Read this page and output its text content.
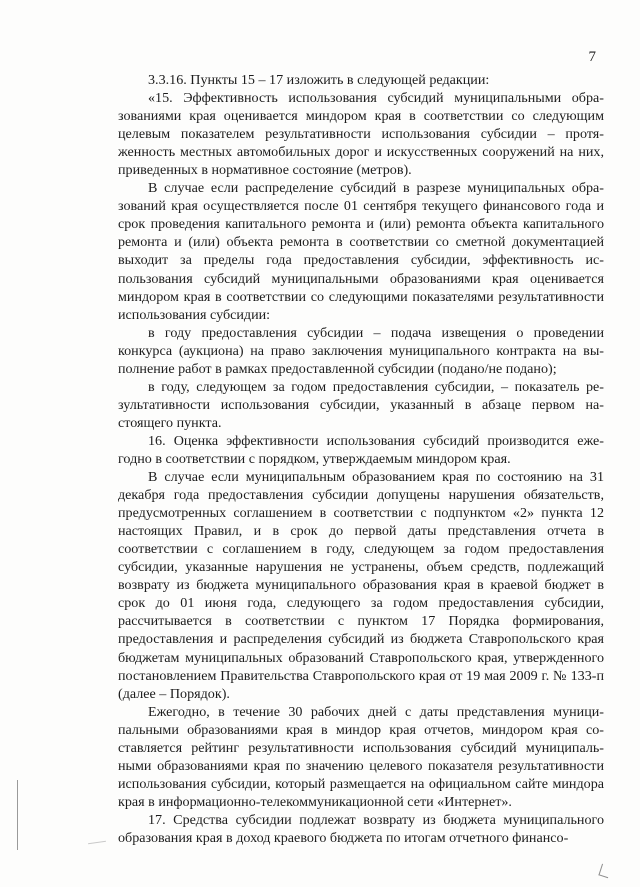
7

3.3.16. Пункты 15 – 17 изложить в следующей редакции:

«15. Эффективность использования субсидий муниципальными образованиями края оценивается миндором края в соответствии со следующим целевым показателем результативности использования субсидии – протяженность местных автомобильных дорог и искусственных сооружений на них, приведенных в нормативное состояние (метров).

В случае если распределение субсидий в разрезе муниципальных образований края осуществляется после 01 сентября текущего финансового года и срок проведения капитального ремонта и (или) ремонта объекта капитального ремонта и (или) объекта ремонта в соответствии со сметной документацией выходит за пределы года предоставления субсидии, эффективность использования субсидий муниципальными образованиями края оценивается миндором края в соответствии со следующими показателями результативности использования субсидии:

в году предоставления субсидии – подача извещения о проведении конкурса (аукциона) на право заключения муниципального контракта на выполнение работ в рамках предоставленной субсидии (подано/не подано);

в году, следующем за годом предоставления субсидии, – показатель результативности использования субсидии, указанный в абзаце первом настоящего пункта.

16. Оценка эффективности использования субсидий производится ежегодно в соответствии с порядком, утверждаемым миндором края.

В случае если муниципальным образованием края по состоянию на 31 декабря года предоставления субсидии допущены нарушения обязательств, предусмотренных соглашением в соответствии с подпунктом «2» пункта 12 настоящих Правил, и в срок до первой даты представления отчета в соответствии с соглашением в году, следующем за годом предоставления субсидии, указанные нарушения не устранены, объем средств, подлежащий возврату из бюджета муниципального образования края в краевой бюджет в срок до 01 июня года, следующего за годом предоставления субсидии, рассчитывается в соответствии с пунктом 17 Порядка формирования, предоставления и распределения субсидий из бюджета Ставропольского края бюджетам муниципальных образований Ставропольского края, утвержденного постановлением Правительства Ставропольского края от 19 мая 2009 г. № 133-п (далее – Порядок).

Ежегодно, в течение 30 рабочих дней с даты представления муниципальными образованиями края в миндор края отчетов, миндором края составляется рейтинг результативности использования субсидий муниципальными образованиями края по значению целевого показателя результативности использования субсидии, который размещается на официальном сайте миндора края в информационно-телекоммуникационной сети «Интернет».

17. Средства субсидии подлежат возврату из бюджета муниципального образования края в доход краевого бюджета по итогам отчетного финансо-
